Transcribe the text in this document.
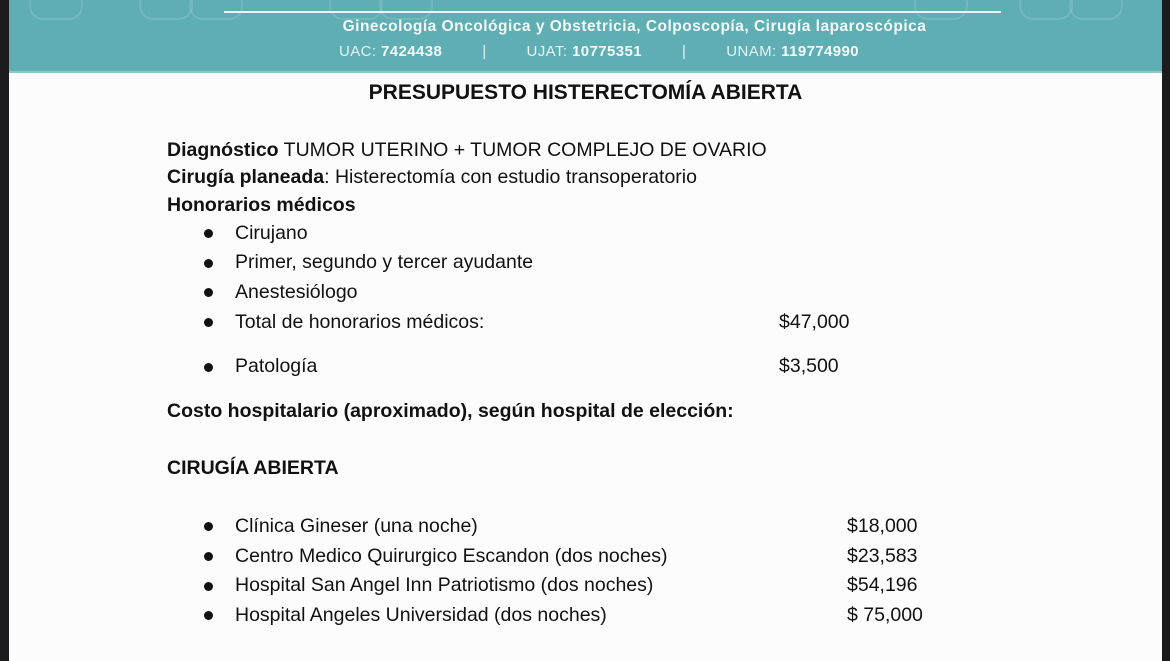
Ginecología Oncológica y Obstetricia, Colposcopía, Cirugía laparoscópica
UAC: 7424438	|	UJAT: 10775351	|	UNAM: 119774990
PRESUPUESTO HISTERECTOMÍA ABIERTA
Diagnóstico TUMOR UTERINO + TUMOR COMPLEJO DE OVARIO
Cirugía planeada: Histerectomía con estudio transoperatorio
Honorarios médicos
Cirujano
Primer, segundo y tercer ayudante
Anestesiólogo
Total de honorarios médicos:	$47,000
Patología	$3,500
Costo hospitalario (aproximado), según hospital de elección:
CIRUGÍA ABIERTA
Clínica Gineser (una noche)	$18,000
Centro Medico Quirurgico Escandon (dos noches)	$23,583
Hospital San Angel Inn Patriotismo (dos noches)	$54,196
Hospital Angeles Universidad (dos noches)	$ 75,000
